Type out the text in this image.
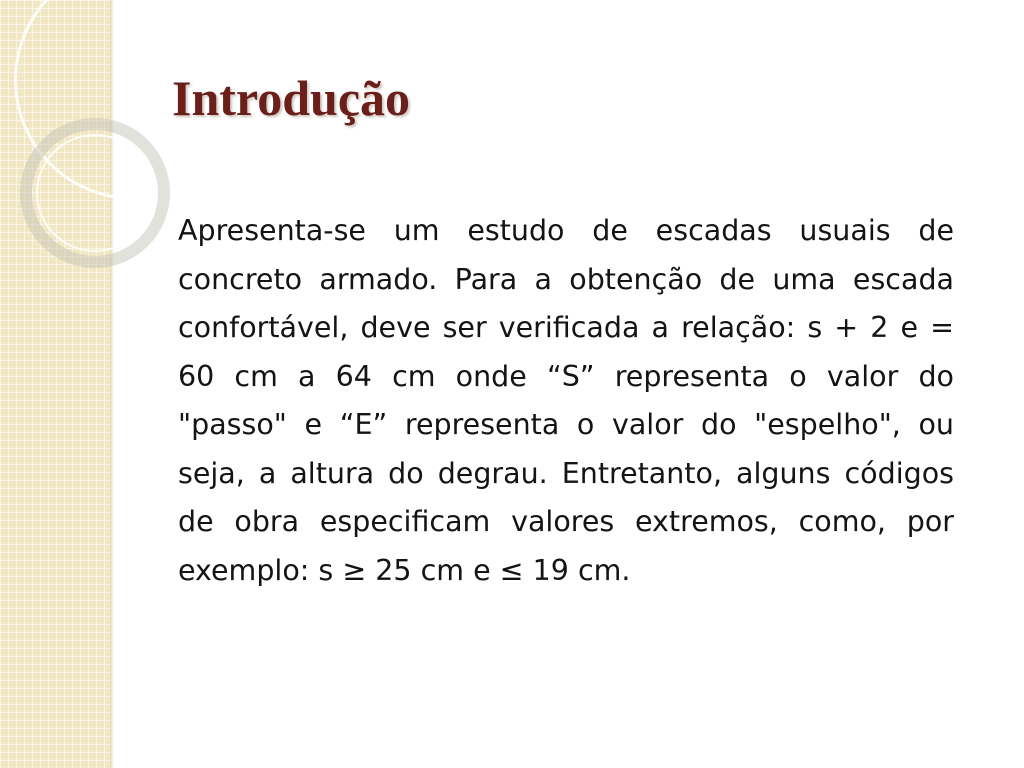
Introdução

Apresenta-se um estudo de escadas usuais de concreto armado. Para a obtenção de uma escada confortável, deve ser verificada a relação: s + 2 e = 60 cm a 64 cm onde “S” representa o valor do "passo" e “E” representa o valor do "espelho", ou seja, a altura do degrau. Entretanto, alguns códigos de obra especificam valores extremos, como, por exemplo: s ≥ 25 cm e ≤ 19 cm.
